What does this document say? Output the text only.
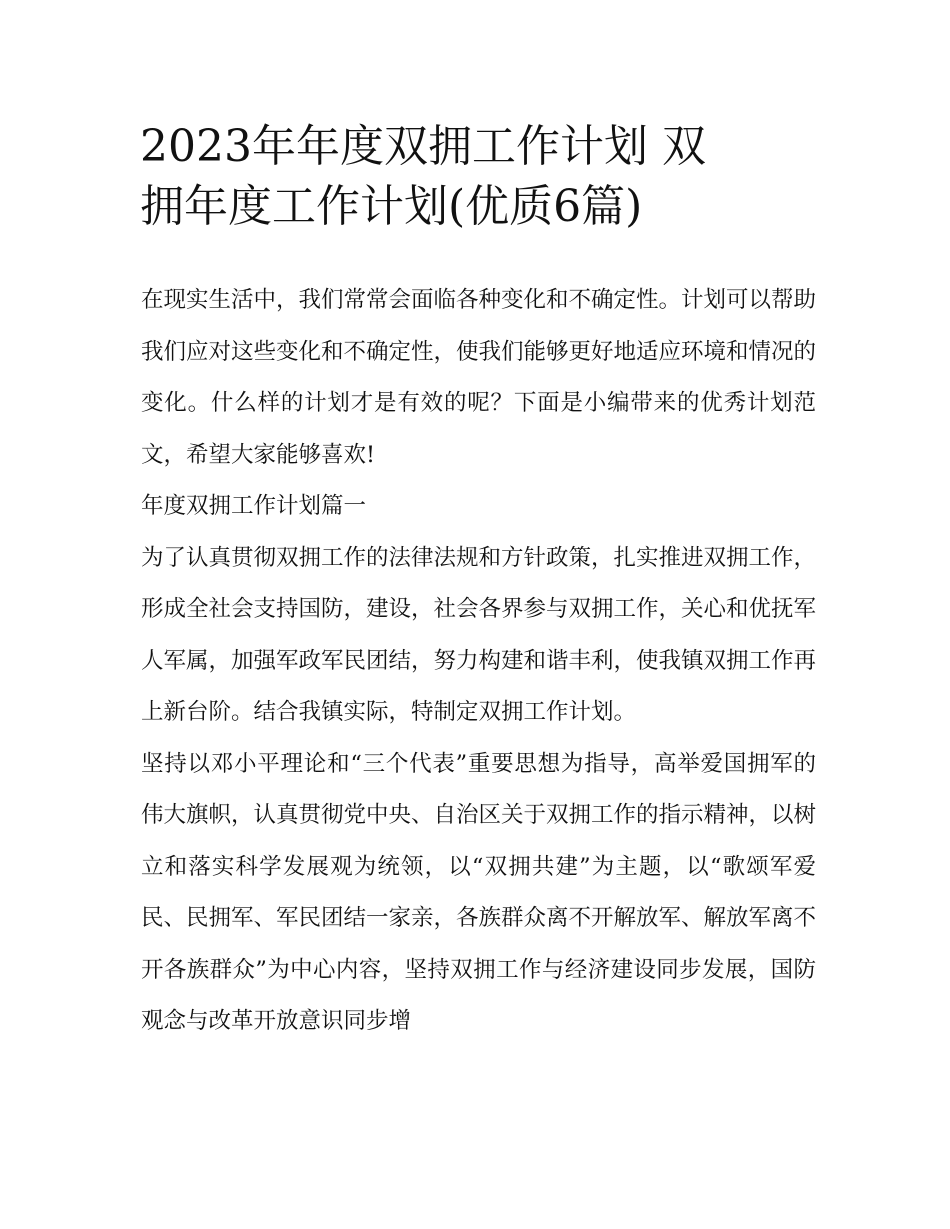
2023年年度双拥工作计划 双
拥年度工作计划(优质6篇)

在现实生活中，我们常常会面临各种变化和不确定性。计划可以帮助我们应对这些变化和不确定性，使我们能够更好地适应环境和情况的变化。什么样的计划才是有效的呢？下面是小编带来的优秀计划范文，希望大家能够喜欢!

年度双拥工作计划篇一

为了认真贯彻双拥工作的法律法规和方针政策，扎实推进双拥工作，形成全社会支持国防，建设，社会各界参与双拥工作，关心和优抚军人军属，加强军政军民团结，努力构建和谐丰利，使我镇双拥工作再上新台阶。结合我镇实际，特制定双拥工作计划。

坚持以邓小平理论和“三个代表”重要思想为指导，高举爱国拥军的伟大旗帜，认真贯彻党中央、自治区关于双拥工作的指示精神，以树立和落实科学发展观为统领，以“双拥共建”为主题，以“歌颂军爱民、民拥军、军民团结一家亲，各族群众离不开解放军、解放军离不开各族群众”为中心内容，坚持双拥工作与经济建设同步发展，国防观念与改革开放意识同步增
